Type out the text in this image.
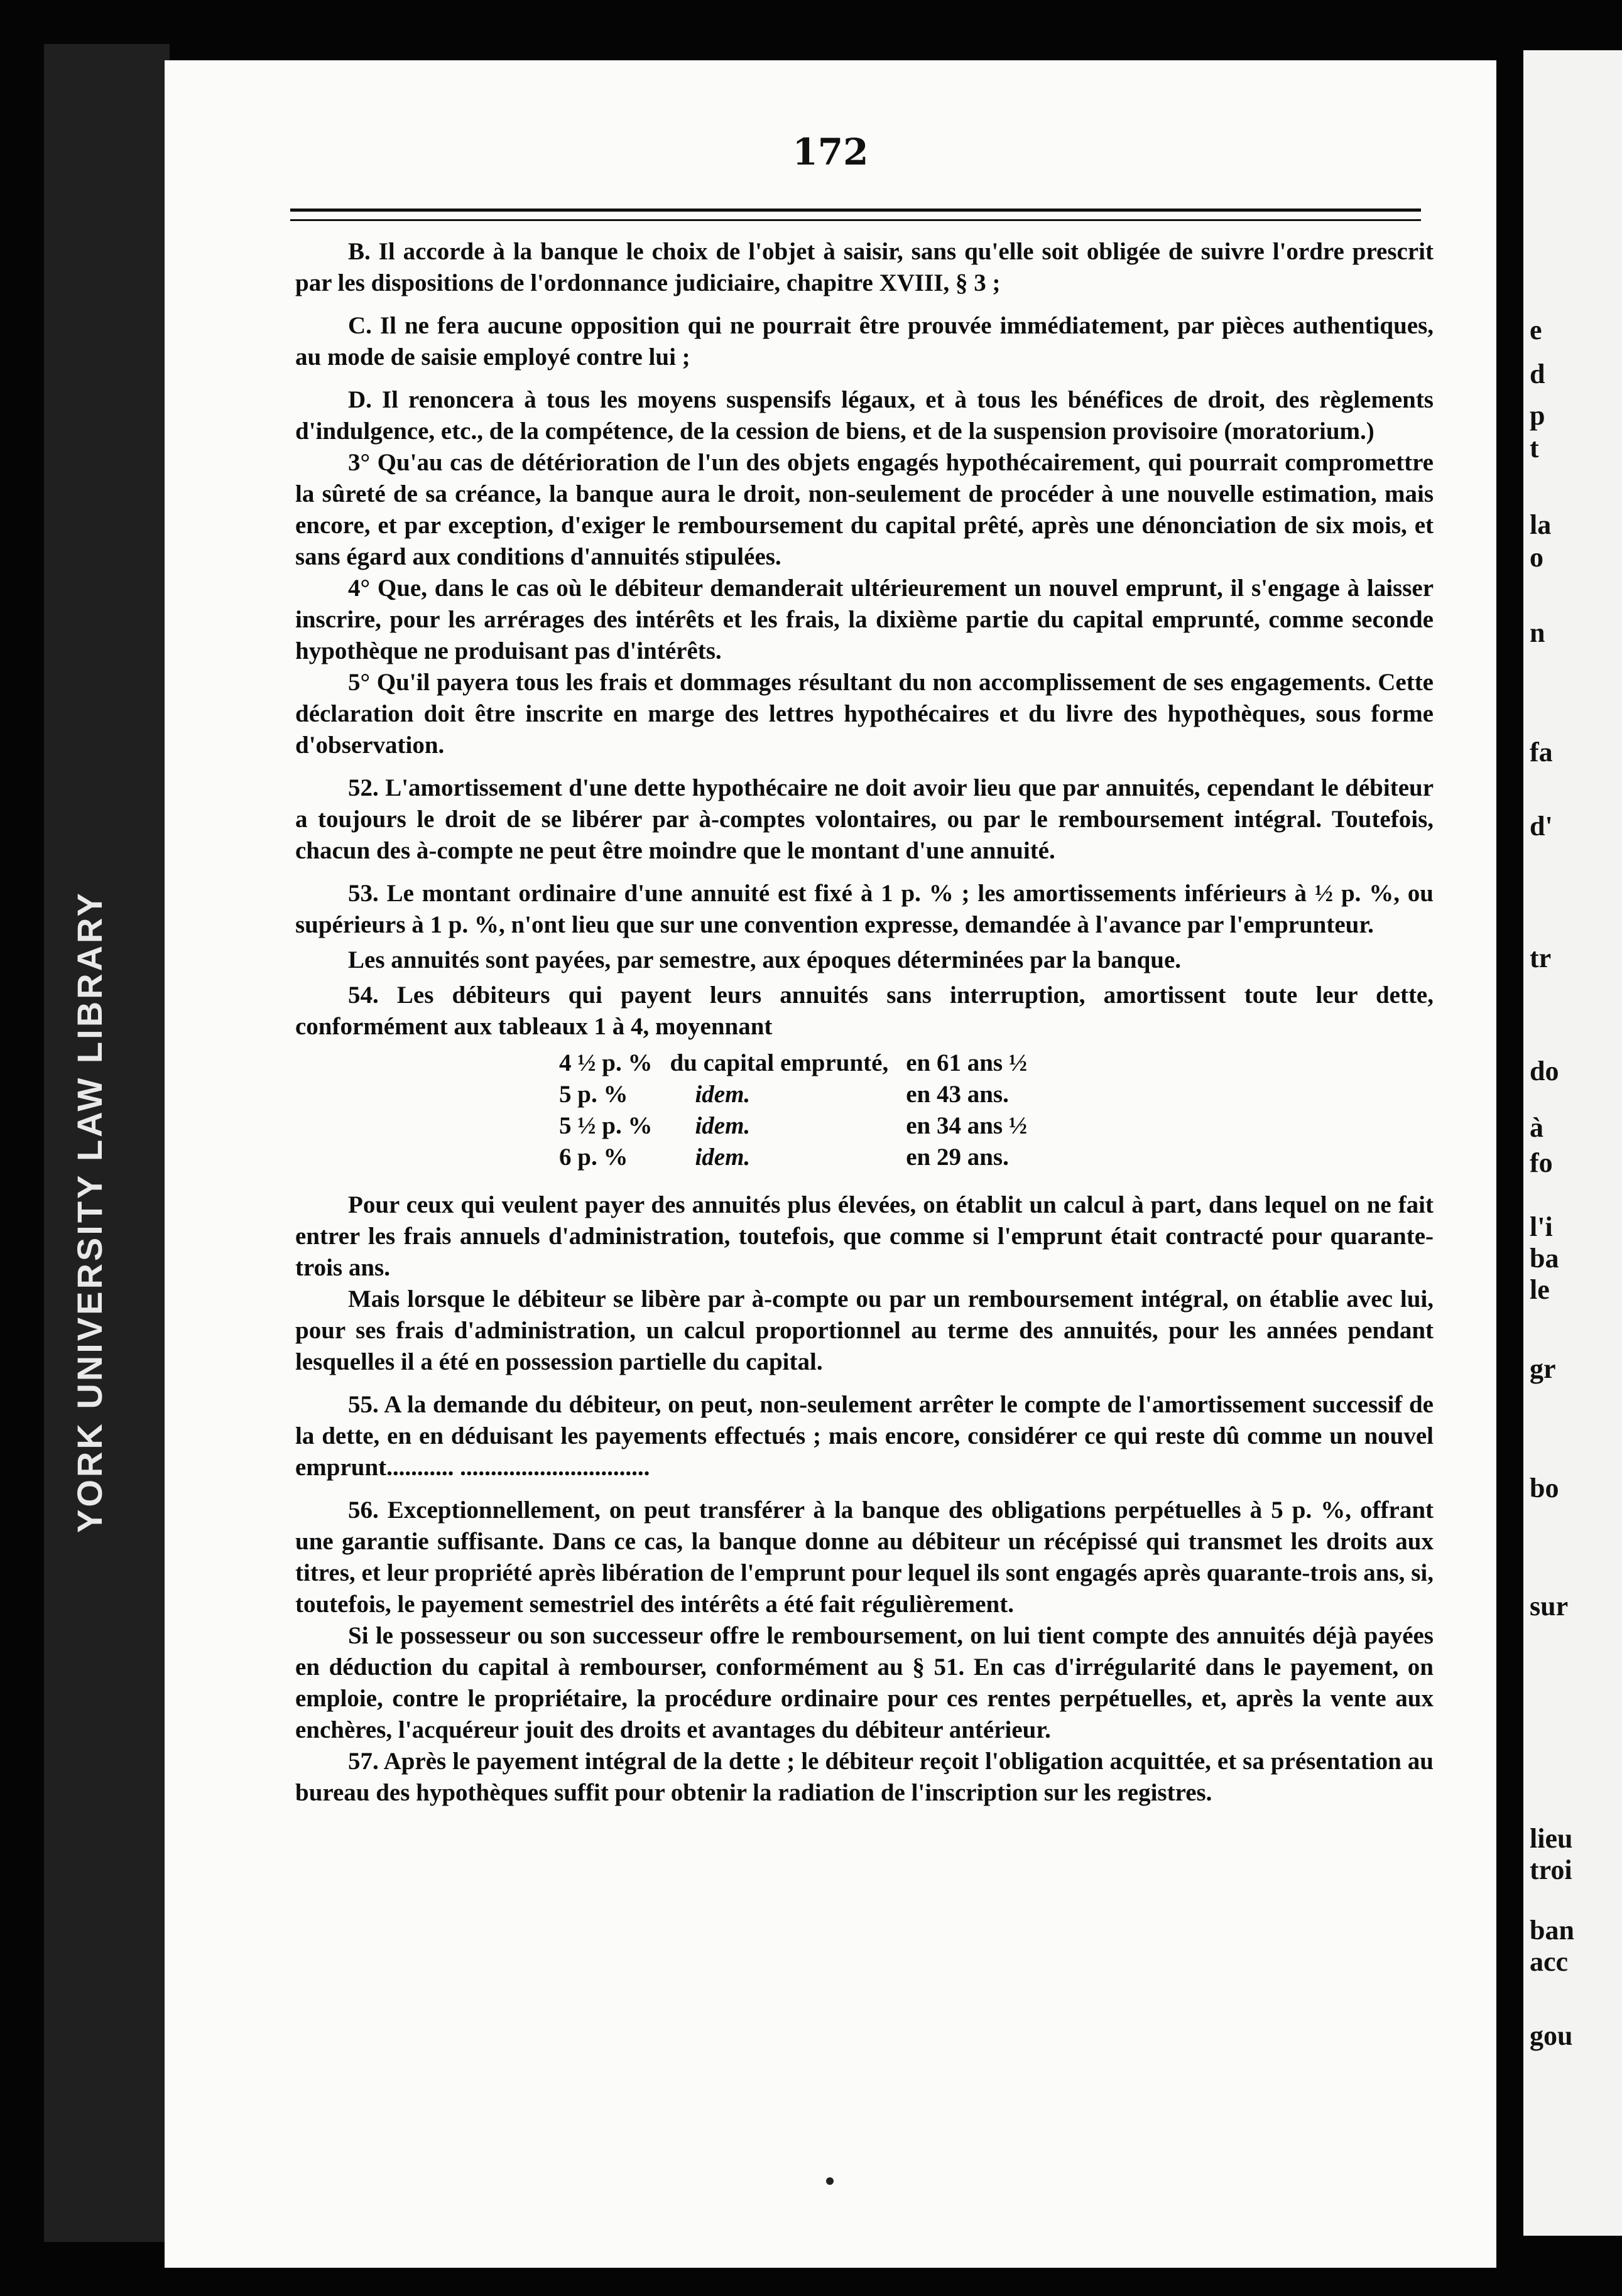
YORK UNIVERSITY LAW LIBRARY
172

B. Il accorde à la banque le choix de l'objet à saisir, sans qu'elle soit obligée de suivre l'ordre prescrit par les dispositions de l'ordonnance judiciaire, chapitre XVIII, § 3 ;

C. Il ne fera aucune opposition qui ne pourrait être prouvée immédiatement, par pièces authentiques, au mode de saisie employé contre lui ;

D. Il renoncera à tous les moyens suspensifs légaux, et à tous les bénéfices de droit, des règlements d'indulgence, etc., de la compétence, de la cession de biens, et de la suspension provisoire (moratorium.)

3° Qu'au cas de détérioration de l'un des objets engagés hypothécairement, qui pourrait compromettre la sûreté de sa créance, la banque aura le droit, non-seulement de procéder à une nouvelle estimation, mais encore, et par exception, d'exiger le remboursement du capital prêté, après une dénonciation de six mois, et sans égard aux conditions d'annuités stipulées.

4° Que, dans le cas où le débiteur demanderait ultérieurement un nouvel emprunt, il s'engage à laisser inscrire, pour les arrérages des intérêts et les frais, la dixième partie du capital emprunté, comme seconde hypothèque ne produisant pas d'intérêts.

5° Qu'il payera tous les frais et dommages résultant du non accomplissement de ses engagements. Cette déclaration doit être inscrite en marge des lettres hypothécaires et du livre des hypothèques, sous forme d'observation.

52. L'amortissement d'une dette hypothécaire ne doit avoir lieu que par annuités, cependant le débiteur a toujours le droit de se libérer par à-comptes volontaires, ou par le remboursement intégral. Toutefois, chacun des à-compte ne peut être moindre que le montant d'une annuité.

53. Le montant ordinaire d'une annuité est fixé à 1 p. % ; les amortissements inférieurs à ½ p. %, ou supérieurs à 1 p. %, n'ont lieu que sur une convention expresse, demandée à l'avance par l'emprunteur.

Les annuités sont payées, par semestre, aux époques déterminées par la banque.

54. Les débiteurs qui payent leurs annuités sans interruption, amortissent toute leur dette, conformément aux tableaux 1 à 4, moyennant

4 ½ p. %	du capital emprunté,	en 61 ans ½
5 p. %	idem.	en 43 ans.
5 ½ p. %	idem.	en 34 ans ½
6 p. %	idem.	en 29 ans.

Pour ceux qui veulent payer des annuités plus élevées, on établit un calcul à part, dans lequel on ne fait entrer les frais annuels d'administration, toutefois, que comme si l'emprunt était contracté pour quarante-trois ans.

Mais lorsque le débiteur se libère par à-compte ou par un remboursement intégral, on établie avec lui, pour ses frais d'administration, un calcul proportionnel au terme des annuités, pour les années pendant lesquelles il a été en possession partielle du capital.

55. A la demande du débiteur, on peut, non-seulement arrêter le compte de l'amortissement successif de la dette, en en déduisant les payements effectués ; mais encore, considérer ce qui reste dû comme un nouvel emprunt........... ...............................

56. Exceptionnellement, on peut transférer à la banque des obligations perpétuelles à 5 p. %, offrant une garantie suffisante. Dans ce cas, la banque donne au débiteur un récépissé qui transmet les droits aux titres, et leur propriété après libération de l'emprunt pour lequel ils sont engagés après quarante-trois ans, si, toutefois, le payement semestriel des intérêts a été fait régulièrement.

Si le possesseur ou son successeur offre le remboursement, on lui tient compte des annuités déjà payées en déduction du capital à rembourser, conformément au § 51. En cas d'irrégularité dans le payement, on emploie, contre le propriétaire, la procédure ordinaire pour ces rentes perpétuelles, et, après la vente aux enchères, l'acquéreur jouit des droits et avantages du débiteur antérieur.

57. Après le payement intégral de la dette ; le débiteur reçoit l'obligation acquittée, et sa présentation au bureau des hypothèques suffit pour obtenir la radiation de l'inscription sur les registres.

e
d
p
t
la
o
n
fa
d'
tr
do
à
fo
l'i
ba
le
gr
bo
sur
lieu
troi
ban
acc
gou
